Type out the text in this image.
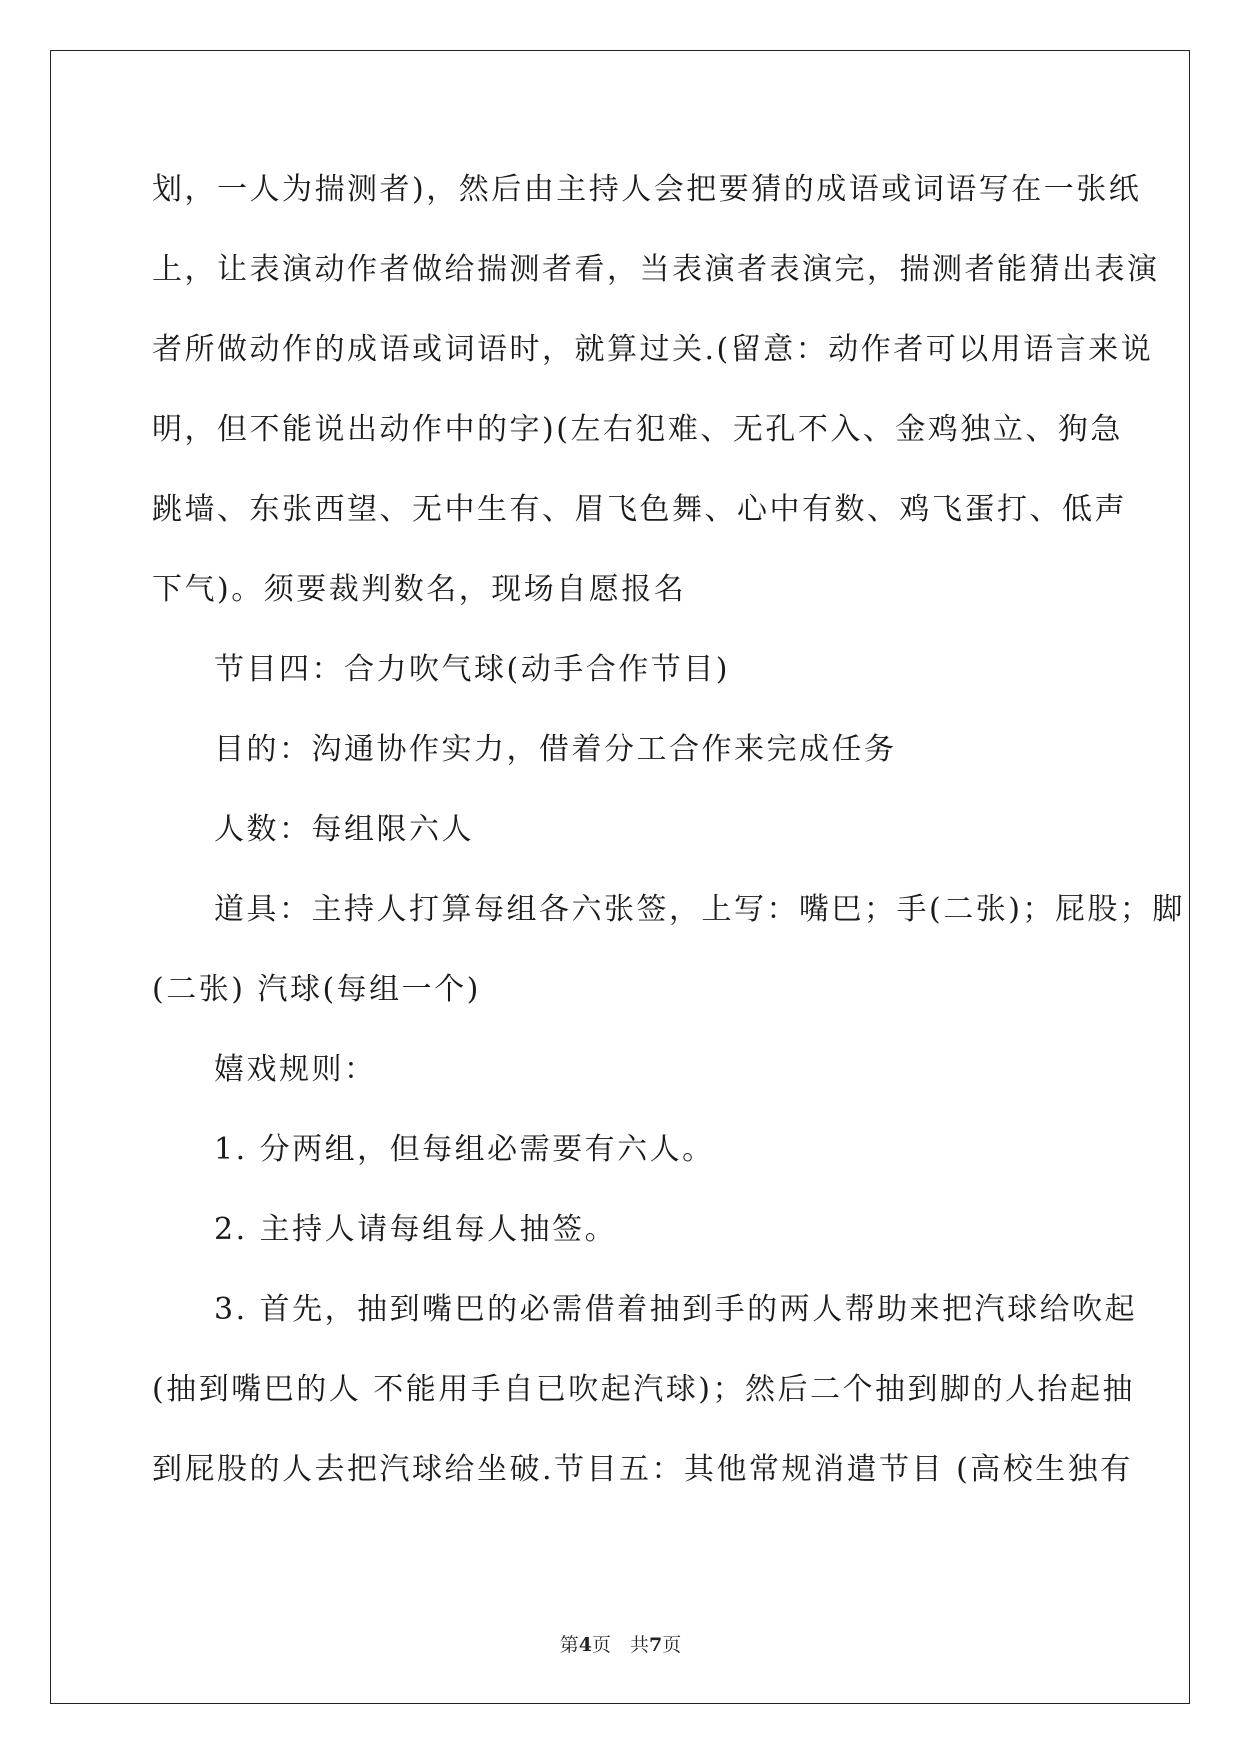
划，一人为揣测者)，然后由主持人会把要猜的成语或词语写在一张纸
上，让表演动作者做给揣测者看，当表演者表演完，揣测者能猜出表演
者所做动作的成语或词语时，就算过关.(留意：动作者可以用语言来说
明，但不能说出动作中的字)(左右犯难、无孔不入、金鸡独立、狗急
跳墙、东张西望、无中生有、眉飞色舞、心中有数、鸡飞蛋打、低声
下气)。须要裁判数名，现场自愿报名
节目四：合力吹气球(动手合作节目)
目的：沟通协作实力，借着分工合作来完成任务
人数：每组限六人
道具：主持人打算每组各六张签，上写：嘴巴；手(二张)；屁股；脚
(二张) 汽球(每组一个)
嬉戏规则：
1. 分两组，但每组必需要有六人。
2. 主持人请每组每人抽签。
3. 首先，抽到嘴巴的必需借着抽到手的两人帮助来把汽球给吹起
(抽到嘴巴的人 不能用手自已吹起汽球)；然后二个抽到脚的人抬起抽
到屁股的人去把汽球给坐破.节目五：其他常规消遣节目 (高校生独有
第4页　共7页
